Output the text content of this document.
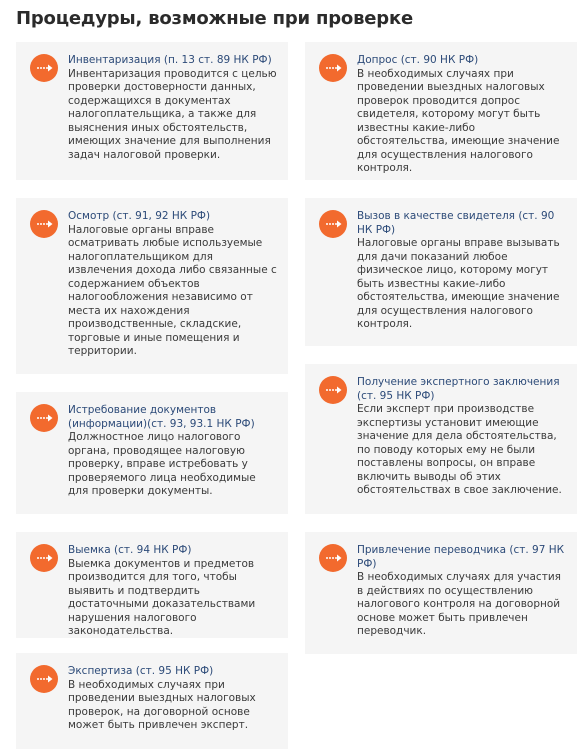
Процедуры, возможные при проверке
Инвентаризация (п. 13 ст. 89 НК РФ)
Инвентаризация проводится с целью проверки достоверности данных, содержащихся в документах налогоплательщика, а также для выяснения иных обстоятельств, имеющих значение для выполнения задач налоговой проверки.
Осмотр (ст. 91, 92 НК РФ)
Налоговые органы вправе осматривать любые используемые налогоплательщиком для извлечения дохода либо связанные с содержанием объектов налогообложения независимо от места их нахождения производственные, складские, торговые и иные помещения и территории.
Истребование документов (информации)(ст. 93, 93.1 НК РФ)
Должностное лицо налогового органа, проводящее налоговую проверку, вправе истребовать у проверяемого лица необходимые для проверки документы.
Выемка (ст. 94 НК РФ)
Выемка документов и предметов производится для того, чтобы выявить и подтвердить достаточными доказательствами нарушения налогового законодательства.
Экспертиза (ст. 95 НК РФ)
В необходимых случаях при проведении выездных налоговых проверок, на договорной основе может быть привлечен эксперт.
Допрос (ст. 90 НК РФ)
В необходимых случаях при проведении выездных налоговых проверок проводится допрос свидетеля, которому могут быть известны какие-либо обстоятельства, имеющие значение для осуществления налогового контроля.
Вызов в качестве свидетеля (ст. 90 НК РФ)
Налоговые органы вправе вызывать для дачи показаний любое физическое лицо, которому могут быть известны какие-либо обстоятельства, имеющие значение для осуществления налогового контроля.
Получение экспертного заключения (ст. 95 НК РФ)
Если эксперт при производстве экспертизы установит имеющие значение для дела обстоятельства, по поводу которых ему не были поставлены вопросы, он вправе включить выводы об этих обстоятельствах в свое заключение.
Привлечение переводчика (ст. 97 НК РФ)
В необходимых случаях для участия в действиях по осуществлению налогового контроля на договорной основе может быть привлечен переводчик.
